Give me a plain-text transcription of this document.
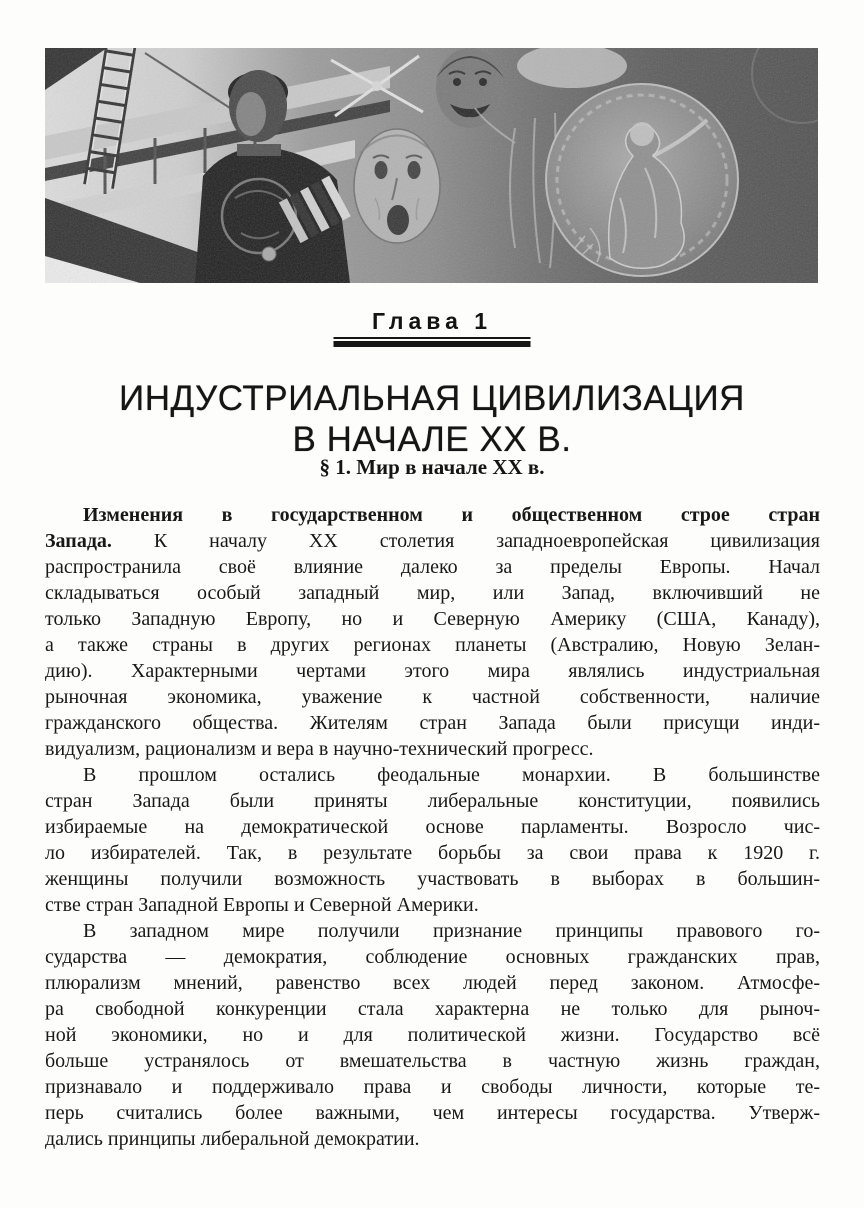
Глава 1
ИНДУСТРИАЛЬНАЯ ЦИВИЛИЗАЦИЯ
В НАЧАЛЕ XX В.
§ 1. Мир в начале XX в.
Изменения в государственном и общественном строе стран
Запада. К началу XX столетия западноевропейская цивилизация
распространила своё влияние далеко за пределы Европы. Начал
складываться особый западный мир, или Запад, включивший не
только Западную Европу, но и Северную Америку (США, Канаду),
а также страны в других регионах планеты (Австралию, Новую Зелан-
дию). Характерными чертами этого мира являлись индустриальная
рыночная экономика, уважение к частной собственности, наличие
гражданского общества. Жителям стран Запада были присущи инди-
видуализм, рационализм и вера в научно-технический прогресс.
В прошлом остались феодальные монархии. В большинстве
стран Запада были приняты либеральные конституции, появились
избираемые на демократической основе парламенты. Возросло чис-
ло избирателей. Так, в результате борьбы за свои права к 1920 г.
женщины получили возможность участвовать в выборах в большин-
стве стран Западной Европы и Северной Америки.
В западном мире получили признание принципы правового го-
сударства — демократия, соблюдение основных гражданских прав,
плюрализм мнений, равенство всех людей перед законом. Атмосфе-
ра свободной конкуренции стала характерна не только для рыноч-
ной экономики, но и для политической жизни. Государство всё
больше устранялось от вмешательства в частную жизнь граждан,
признавало и поддерживало права и свободы личности, которые те-
перь считались более важными, чем интересы государства. Утверж-
дались принципы либеральной демократии.
